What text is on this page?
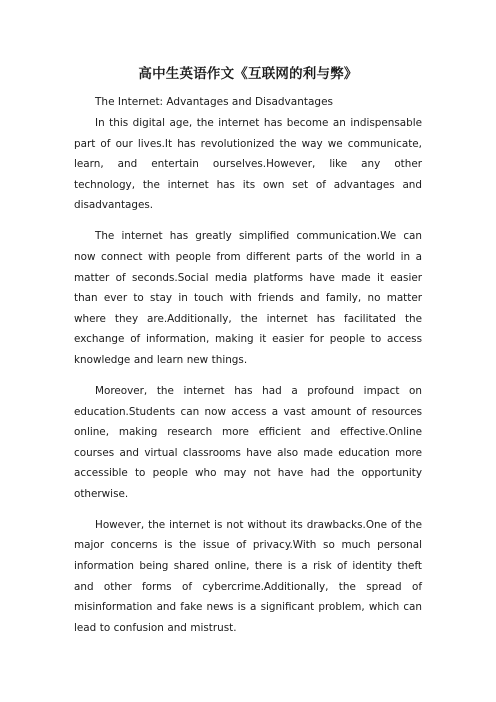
高中生英语作文《互联网的利与弊》

The Internet: Advantages and Disadvantages

In this digital age, the internet has become an indispensable part of our lives.It has revolutionized the way we communicate, learn, and entertain ourselves.However, like any other technology, the internet has its own set of advantages and disadvantages.

The internet has greatly simplified communication.We can now connect with people from different parts of the world in a matter of seconds.Social media platforms have made it easier than ever to stay in touch with friends and family, no matter where they are.Additionally, the internet has facilitated the exchange of information, making it easier for people to access knowledge and learn new things.

Moreover, the internet has had a profound impact on education.Students can now access a vast amount of resources online, making research more efficient and effective.Online courses and virtual classrooms have also made education more accessible to people who may not have had the opportunity otherwise.

However, the internet is not without its drawbacks.One of the major concerns is the issue of privacy.With so much personal information being shared online, there is a risk of identity theft and other forms of cybercrime.Additionally, the spread of misinformation and fake news is a significant problem, which can lead to confusion and mistrust.
